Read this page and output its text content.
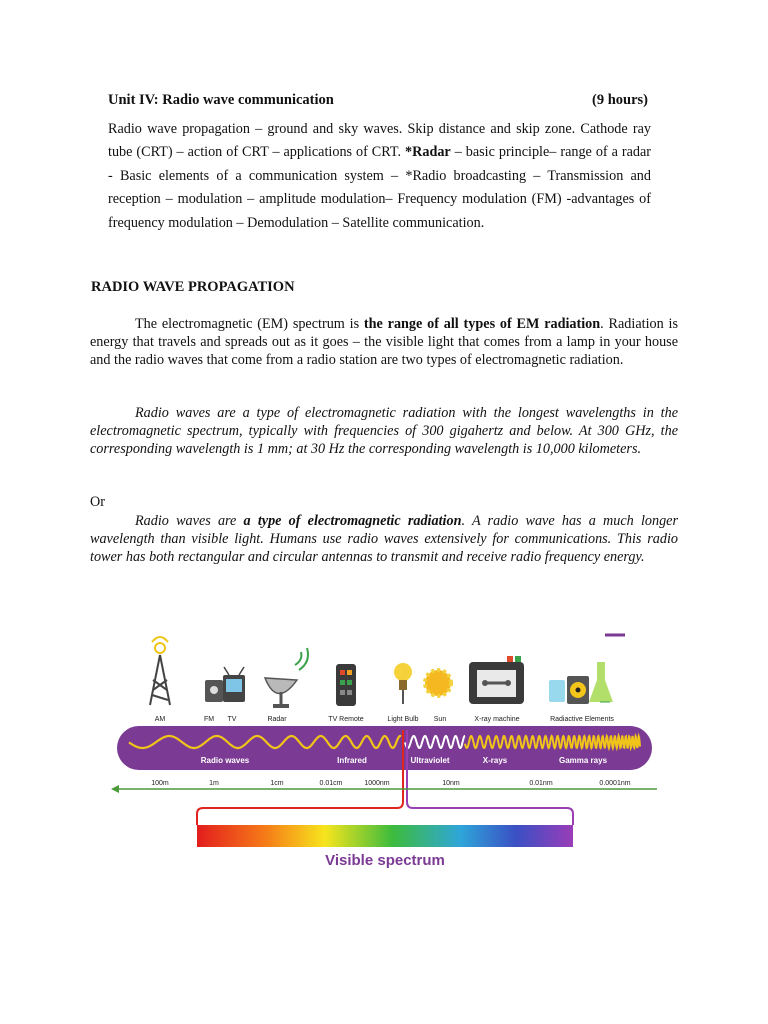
Unit IV: Radio wave communication	(9 hours)
Radio wave propagation – ground and sky waves. Skip distance and skip zone. Cathode ray tube (CRT) – action of CRT – applications of CRT. *Radar – basic principle– range of a radar - Basic elements of a communication system – *Radio broadcasting – Transmission and reception – modulation – amplitude modulation– Frequency modulation (FM) -advantages of frequency modulation – Demodulation – Satellite communication.
RADIO WAVE PROPAGATION
The electromagnetic (EM) spectrum is the range of all types of EM radiation. Radiation is energy that travels and spreads out as it goes – the visible light that comes from a lamp in your house and the radio waves that come from a radio station are two types of electromagnetic radiation.
Radio waves are a type of electromagnetic radiation with the longest wavelengths in the electromagnetic spectrum, typically with frequencies of 300 gigahertz and below. At 300 GHz, the corresponding wavelength is 1 mm; at 30 Hz the corresponding wavelength is 10,000 kilometers.
Or
Radio waves are a type of electromagnetic radiation. A radio wave has a much longer wavelength than visible light. Humans use radio waves extensively for communications. This radio tower has both rectangular and circular antennas to transmit and receive radio frequency energy.
AM	FM TV	Radar	TV Remote	Light Bulb Sun	X-ray machine	Radiactive Elements
Radio waves	Infrared	Ultraviolet	X-rays	Gamma rays
100m	1m	1cm	0.01cm	1000nm	10nm	0.01nm	0.0001nm
Visible spectrum
